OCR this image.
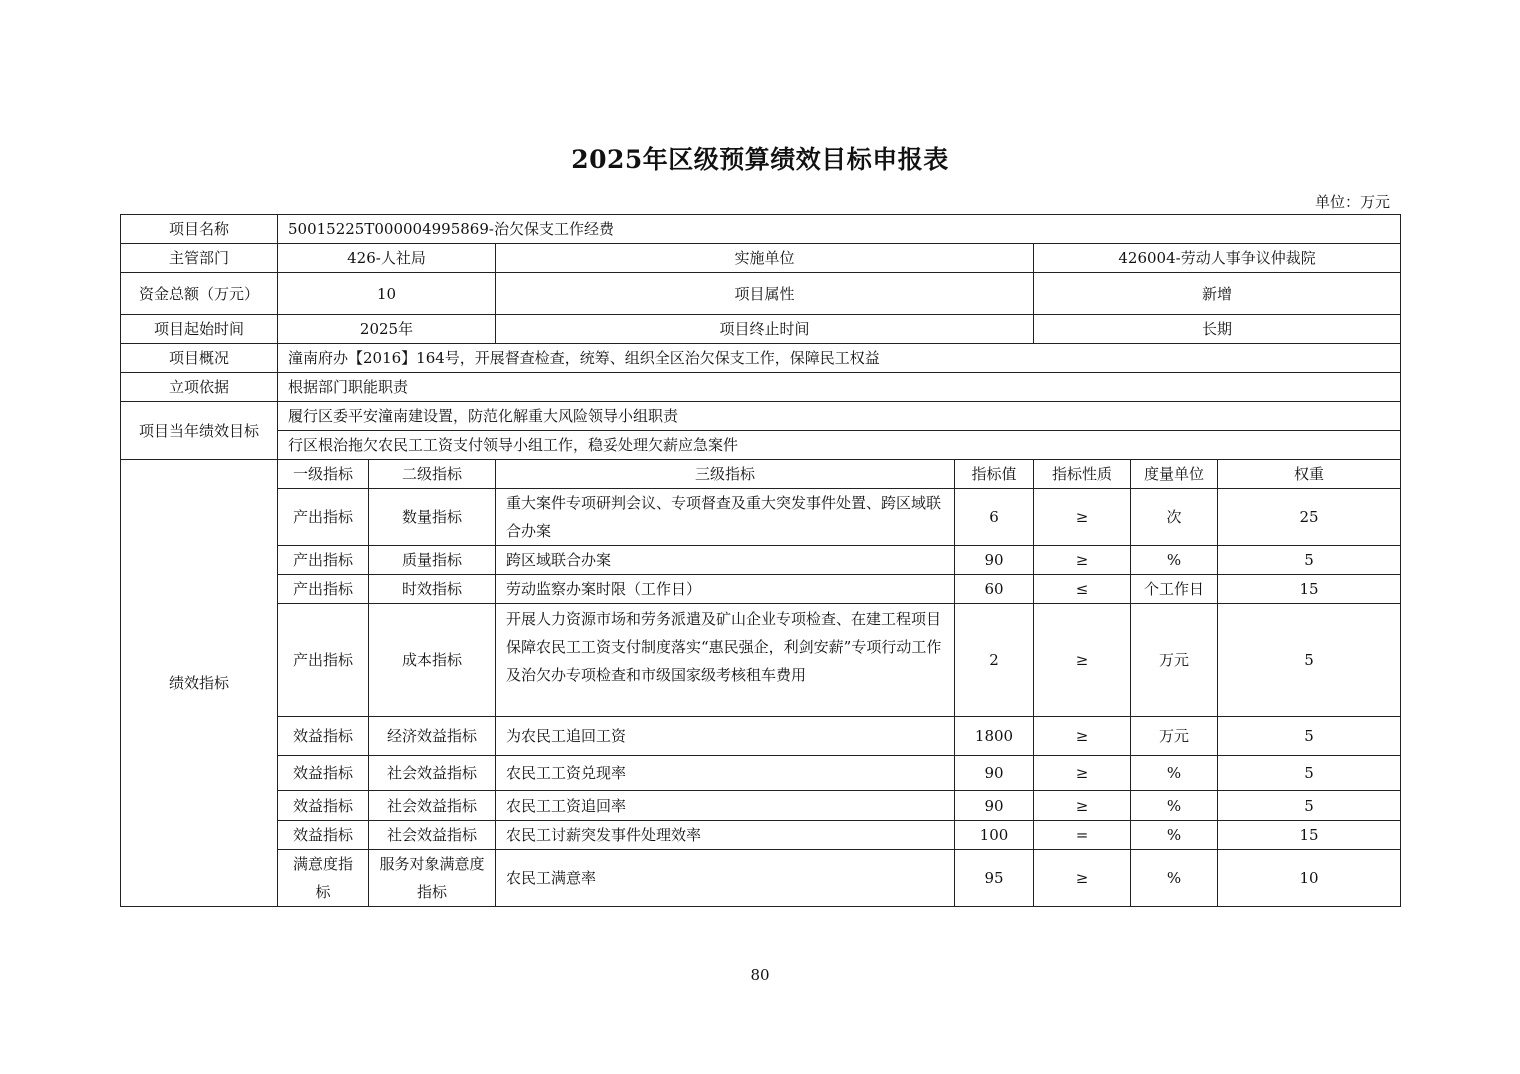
2025年区级预算绩效目标申报表
单位：万元
项目名称	50015225T000004995869-治欠保支工作经费						
主管部门	426-人社局		实施单位		426004-劳动人事争议仲裁院		
资金总额（万元）	10		项目属性		新增		
项目起始时间	2025年		项目终止时间		长期		
项目概况	潼南府办【2016】164号，开展督查检查，统筹、组织全区治欠保支工作，保障民工权益						
立项依据	根据部门职能职责						
项目当年绩效目标	履行区委平安潼南建设置，防范化解重大风险领导小组职责						
	行区根治拖欠农民工工资支付领导小组工作，稳妥处理欠薪应急案件						
绩效指标	一级指标	二级指标	三级指标	指标值	指标性质	度量单位	权重
	产出指标	数量指标	重大案件专项研判会议、专项督查及重大突发事件处置、跨区域联合办案	6	≥	次	25
	产出指标	质量指标	跨区域联合办案	90	≥	%	5
	产出指标	时效指标	劳动监察办案时限（工作日）	60	≤	个工作日	15
	产出指标	成本指标	开展人力资源市场和劳务派遣及矿山企业专项检查、在建工程项目保障农民工工资支付制度落实“惠民强企，利剑安薪”专项行动工作及治欠办专项检查和市级国家级考核租车费用	2	≥	万元	5
	效益指标	经济效益指标	为农民工追回工资	1800	≥	万元	5
	效益指标	社会效益指标	农民工工资兑现率	90	≥	%	5
	效益指标	社会效益指标	农民工工资追回率	90	≥	%	5
	效益指标	社会效益指标	农民工讨薪突发事件处理效率	100	=	%	15
	满意度指标	服务对象满意度指标	农民工满意率	95	≥	%	10
80
